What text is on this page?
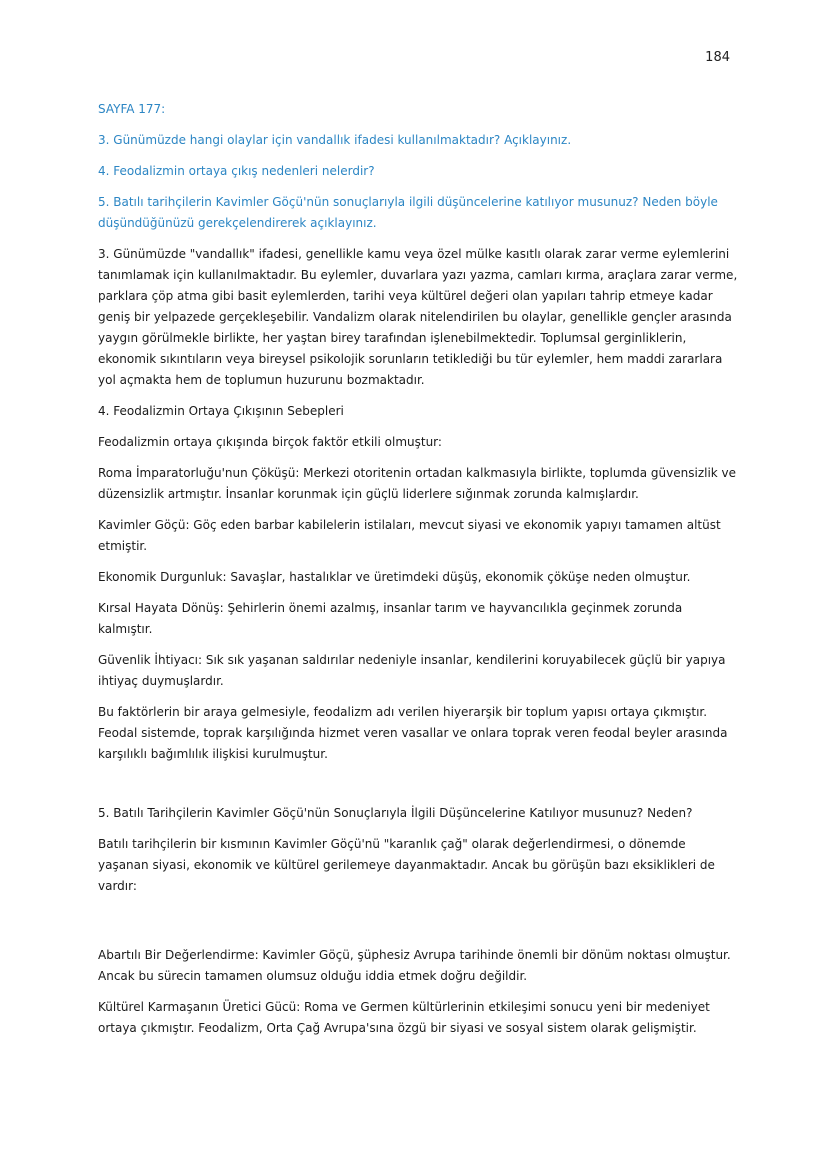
184

SAYFA 177:

3. Günümüzde hangi olaylar için vandallık ifadesi kullanılmaktadır? Açıklayınız.

4. Feodalizmin ortaya çıkış nedenleri nelerdir?

5. Batılı tarihçilerin Kavimler Göçü'nün sonuçlarıyla ilgili düşüncelerine katılıyor musunuz? Neden böyle düşündüğünüzü gerekçelendirerek açıklayınız.

3. Günümüzde "vandallık" ifadesi, genellikle kamu veya özel mülke kasıtlı olarak zarar verme eylemlerini tanımlamak için kullanılmaktadır. Bu eylemler, duvarlara yazı yazma, camları kırma, araçlara zarar verme, parklara çöp atma gibi basit eylemlerden, tarihi veya kültürel değeri olan yapıları tahrip etmeye kadar geniş bir yelpazede gerçekleşebilir. Vandalizm olarak nitelendirilen bu olaylar, genellikle gençler arasında yaygın görülmekle birlikte, her yaştan birey tarafından işlenebilmektedir. Toplumsal gerginliklerin, ekonomik sıkıntıların veya bireysel psikolojik sorunların tetiklediği bu tür eylemler, hem maddi zararlara yol açmakta hem de toplumun huzurunu bozmaktadır.

4. Feodalizmin Ortaya Çıkışının Sebepleri

Feodalizmin ortaya çıkışında birçok faktör etkili olmuştur:

Roma İmparatorluğu'nun Çöküşü: Merkezi otoritenin ortadan kalkmasıyla birlikte, toplumda güvensizlik ve düzensizlik artmıştır. İnsanlar korunmak için güçlü liderlere sığınmak zorunda kalmışlardır.

Kavimler Göçü: Göç eden barbar kabilelerin istilaları, mevcut siyasi ve ekonomik yapıyı tamamen altüst etmiştir.

Ekonomik Durgunluk: Savaşlar, hastalıklar ve üretimdeki düşüş, ekonomik çöküşe neden olmuştur.

Kırsal Hayata Dönüş: Şehirlerin önemi azalmış, insanlar tarım ve hayvancılıkla geçinmek zorunda kalmıştır.

Güvenlik İhtiyacı: Sık sık yaşanan saldırılar nedeniyle insanlar, kendilerini koruyabilecek güçlü bir yapıya ihtiyaç duymuşlardır.

Bu faktörlerin bir araya gelmesiyle, feodalizm adı verilen hiyerarşik bir toplum yapısı ortaya çıkmıştır. Feodal sistemde, toprak karşılığında hizmet veren vasallar ve onlara toprak veren feodal beyler arasında karşılıklı bağımlılık ilişkisi kurulmuştur.

5. Batılı Tarihçilerin Kavimler Göçü'nün Sonuçlarıyla İlgili Düşüncelerine Katılıyor musunuz? Neden?

Batılı tarihçilerin bir kısmının Kavimler Göçü'nü "karanlık çağ" olarak değerlendirmesi, o dönemde yaşanan siyasi, ekonomik ve kültürel gerilemeye dayanmaktadır. Ancak bu görüşün bazı eksiklikleri de vardır:

Abartılı Bir Değerlendirme: Kavimler Göçü, şüphesiz Avrupa tarihinde önemli bir dönüm noktası olmuştur. Ancak bu sürecin tamamen olumsuz olduğu iddia etmek doğru değildir.

Kültürel Karmaşanın Üretici Gücü: Roma ve Germen kültürlerinin etkileşimi sonucu yeni bir medeniyet ortaya çıkmıştır. Feodalizm, Orta Çağ Avrupa'sına özgü bir siyasi ve sosyal sistem olarak gelişmiştir.
